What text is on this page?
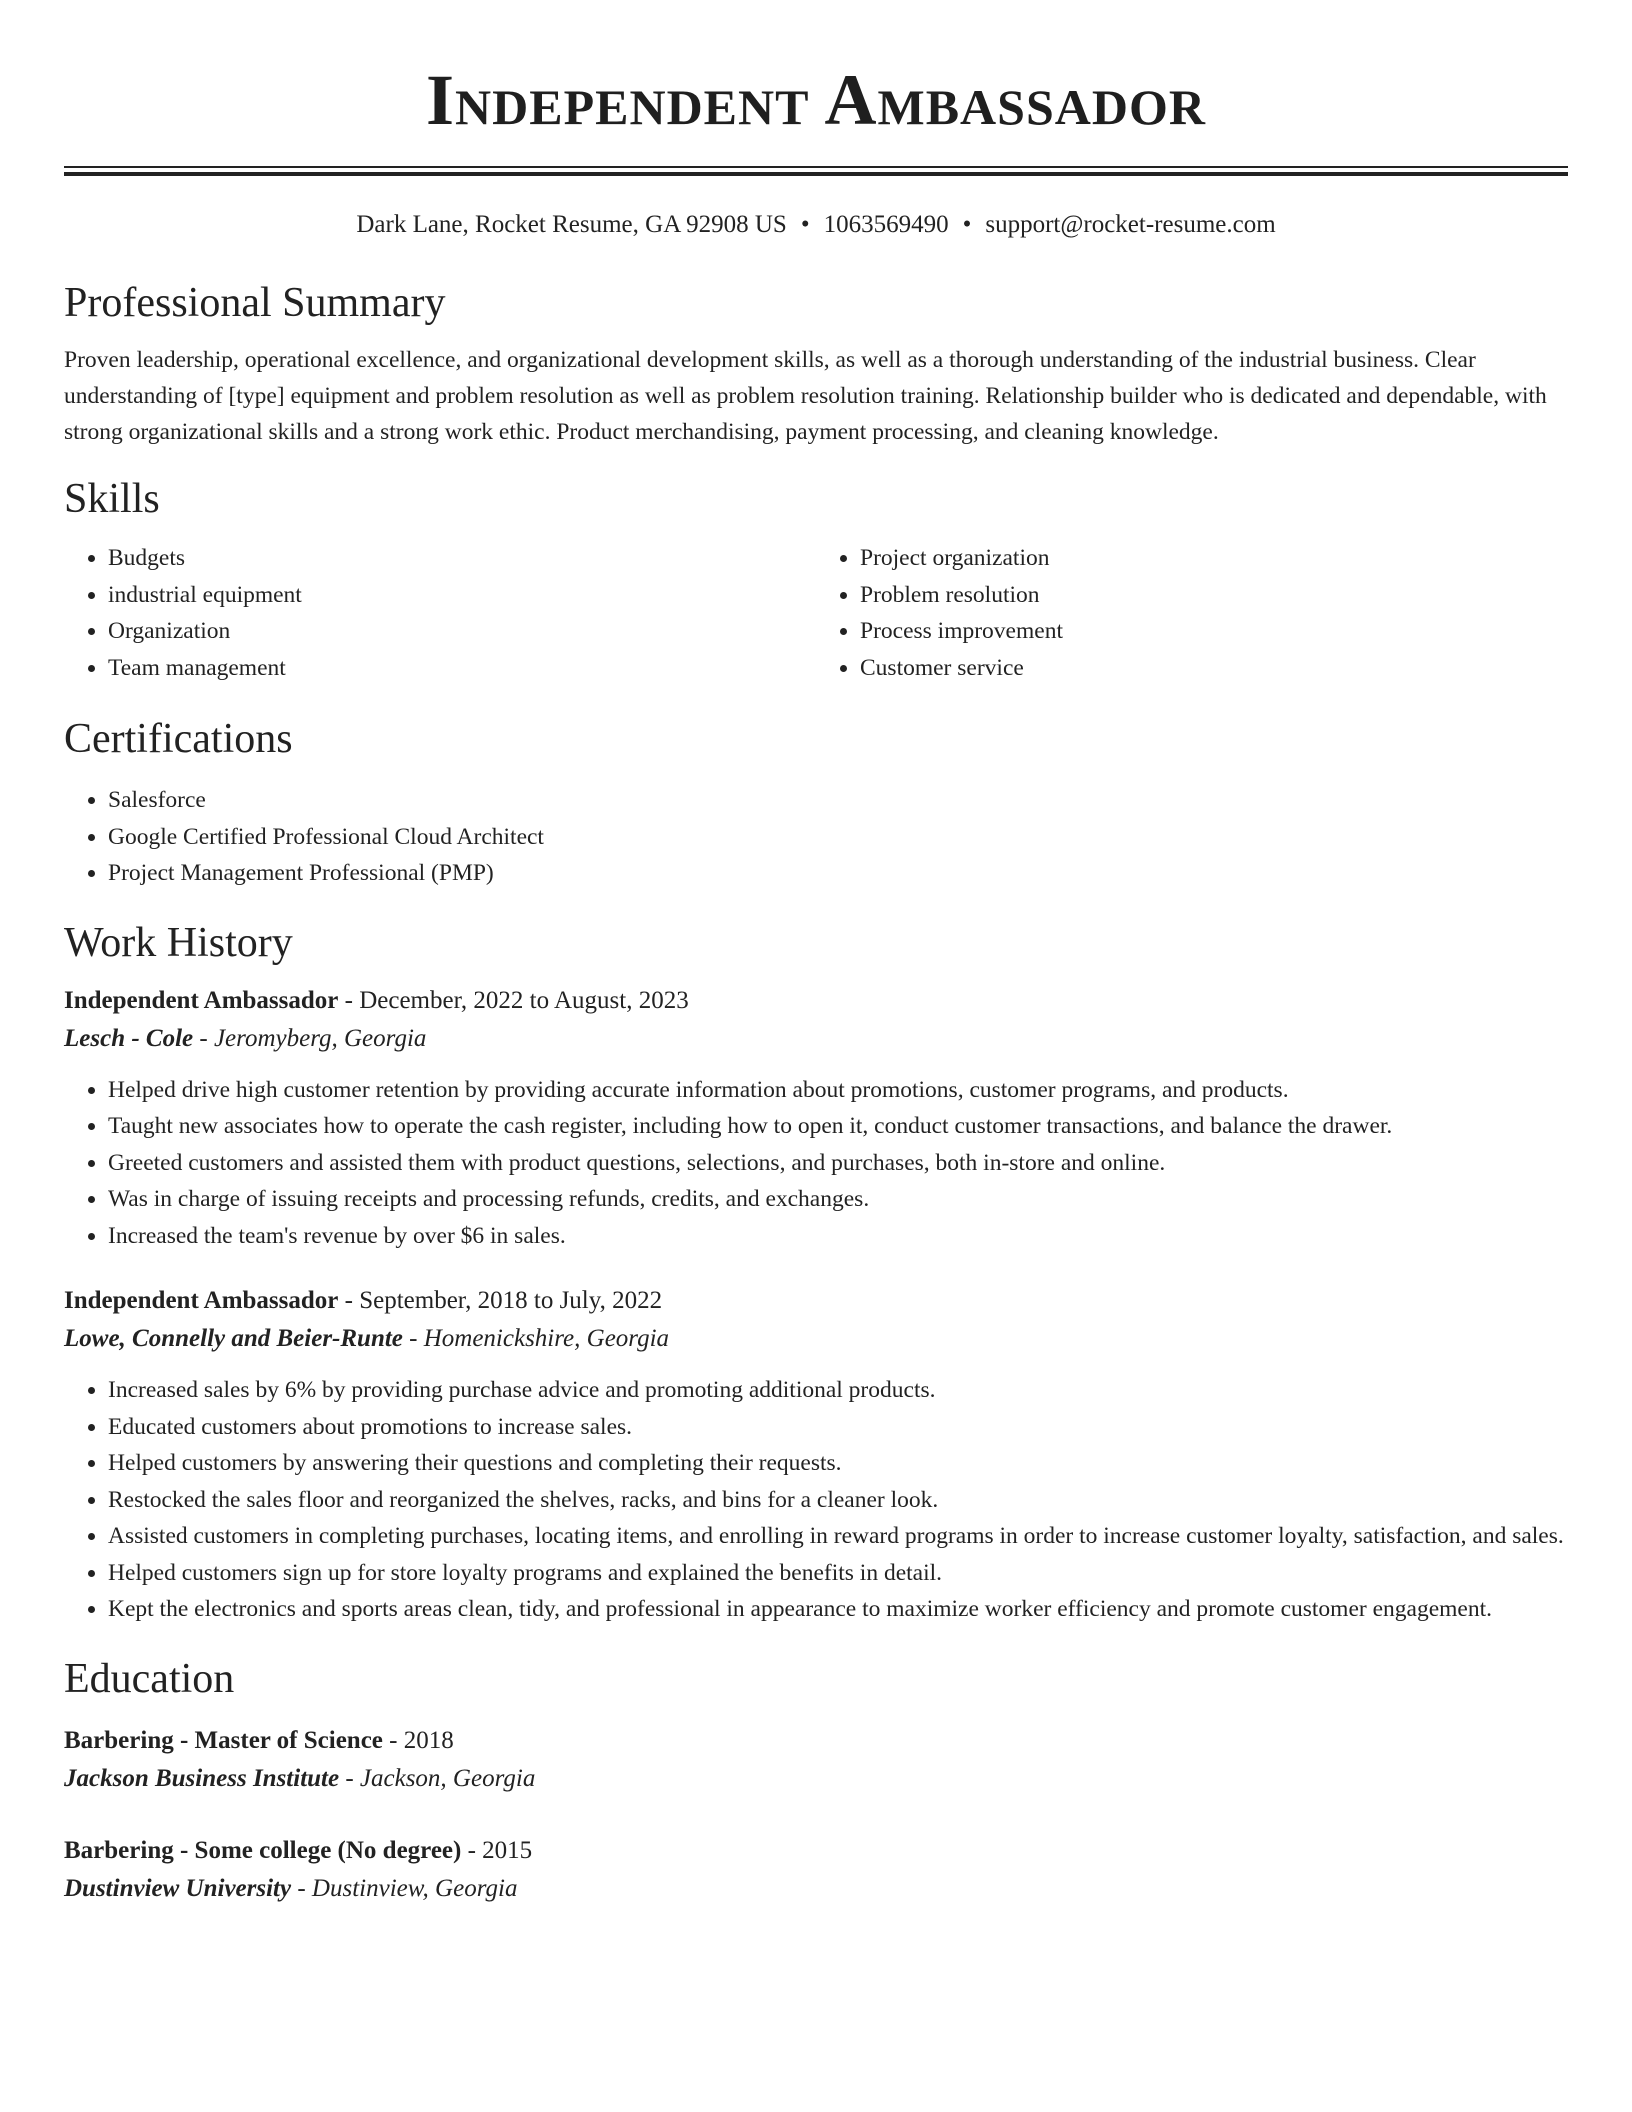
Independent Ambassador
Dark Lane, Rocket Resume, GA 92908 US • 1063569490 • support@rocket-resume.com
Professional Summary

Proven leadership, operational excellence, and organizational development skills, as well as a thorough understanding of the industrial business. Clear understanding of [type] equipment and problem resolution as well as problem resolution training. Relationship builder who is dedicated and dependable, with strong organizational skills and a strong work ethic. Product merchandising, payment processing, and cleaning knowledge.

Skills
• Budgets
• industrial equipment
• Organization
• Team management
• Project organization
• Problem resolution
• Process improvement
• Customer service
Certifications
• Salesforce
• Google Certified Professional Cloud Architect
• Project Management Professional (PMP)
Work History
Independent Ambassador - December, 2022 to August, 2023
Lesch - Cole - Jeromyberg, Georgia
• Helped drive high customer retention by providing accurate information about promotions, customer programs, and products.
• Taught new associates how to operate the cash register, including how to open it, conduct customer transactions, and balance the drawer.
• Greeted customers and assisted them with product questions, selections, and purchases, both in-store and online.
• Was in charge of issuing receipts and processing refunds, credits, and exchanges.
• Increased the team's revenue by over $6 in sales.
Independent Ambassador - September, 2018 to July, 2022
Lowe, Connelly and Beier-Runte - Homenickshire, Georgia
• Increased sales by 6% by providing purchase advice and promoting additional products.
• Educated customers about promotions to increase sales.
• Helped customers by answering their questions and completing their requests.
• Restocked the sales floor and reorganized the shelves, racks, and bins for a cleaner look.
• Assisted customers in completing purchases, locating items, and enrolling in reward programs in order to increase customer loyalty, satisfaction, and sales.
• Helped customers sign up for store loyalty programs and explained the benefits in detail.
• Kept the electronics and sports areas clean, tidy, and professional in appearance to maximize worker efficiency and promote customer engagement.
Education
Barbering - Master of Science - 2018
Jackson Business Institute - Jackson, Georgia
Barbering - Some college (No degree) - 2015
Dustinview University - Dustinview, Georgia
